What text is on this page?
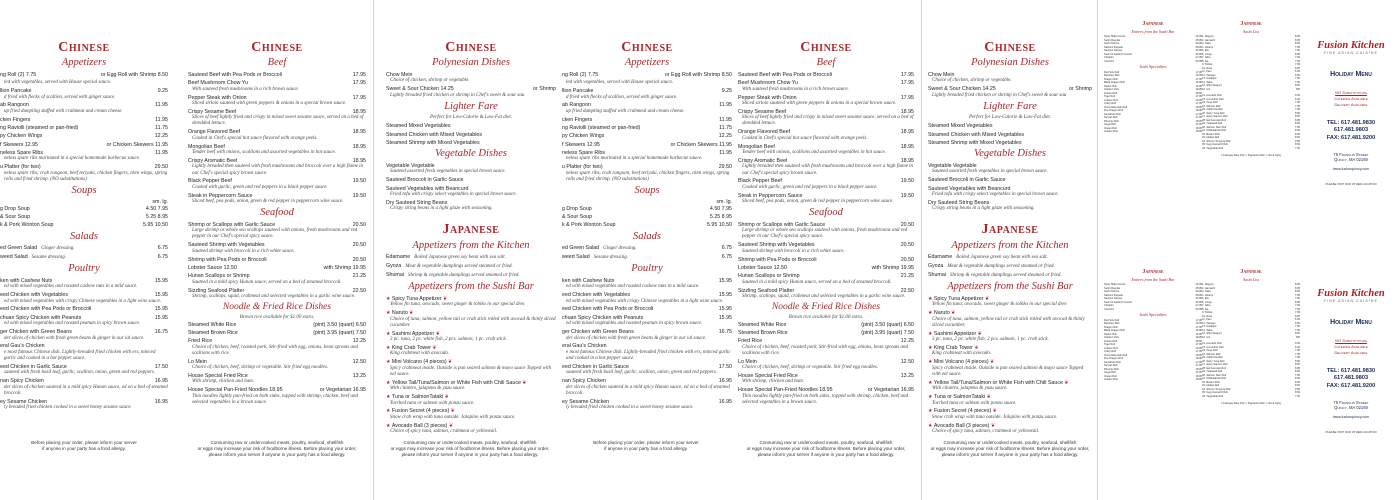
Chinese
Appetizers
ng Roll (2) 7.75	or Egg Roll with Shrimp 8.50
led with vegetables, served with House special sauce.
llion Pancake	9.25
d fried with flecks of scallion, served with ginger sauce.
ab Rangoon	11.95
up fried dumpling stuffed with crabmeat and cream cheese.
cken Fingers	11.95
ng Raviolli (steamed or pan-fried)	11.75
py Chicken Wings	12.25
f Skewers 12.95	or Chicken Skewers 11.95
neless Spare Ribs	11.95
neless spare ribs marinated in a special homemade barbecue sauce.
u Platter (for two)	29.50
neless spare ribs, crab rangoon, beef teriyaki, chicken fingers, cken wings, spring rolls and fried shrimp. (NO substitutions)
Soups
sm. lg.
g Drop Soup	4.50 7.95
& Sour Soup	5.25 8.95
k & Pork Wonton Soup	5.95 10.50
Salads
ed Green Salad Ginger dressing.	6.75
weed Salad Sesame dressing.	6.75
Poultry
ken with Cashew Nuts	15.95
ed with mixed vegetables and roasted cashew nuts in a mild sauce.
eed Chicken with Vegetables	15.95
ed with mixed vegetables with crispy Chinese vegetables in a light wine sauce.
eed Chicken with Pea Pods or Broccoli	15.95
chuan Spicy Chicken with Peanuts	15.95
ed with mixed vegetables and roasted peanuts in spicy brown sauce.
ger Chicken with Green Beans	16.75
der slices of chicken with fresh green beans & ginger in our ial sauce.
eral Gau's Chicken
e most famous Chinese dish. Lightly-breaded fried chicken with ers, minced garlic and cooked in a hot pepper sauce.
eed Chicken in Garlic Sauce	17.50
sauteed with fresh basil leaf, garlic, scallion, onion, green and red peppers.
nan Spicy Chicken	16.95
der slices of chicken sauteed in a mild spicy Hunan sauce, ed on a bed of steamed broccoli.
ey Sesame Chicken	16.95
ly breaded fried chicken cooked in a sweet honey sesame sauce.
Before placing your order, please inform your server
if anyone in your party has a food allergy.
Chinese
Beef
Sauteed Beef with Pea Pods or Broccoli	17.95
Beef Mushroom Chow Yu	17.95
With sauteed fresh mushrooms in a rich brown sauce.
Pepper Steak with Onion	17.95
Sliced sirloin sauteed with green peppers & onions in a special brown sauce.
Crispy Sesame Beef	18.95
Slices of beef lightly fried and crispy in mixed sweet sesame sauce, served on a bed of shredded lettuce.
Orange Flavored Beef	18.95
Cooked in Chef's special hot sauce flavored with orange peels.
Mongolian Beef	18.95
Tender beef with onions, scallions and assorted vegetables in hot sauce.
Crispy Aromatic Beef	18.95
Lightly breaded then sauteed with fresh mushrooms and broccoli over a high flame in our Chef's special spicy brown sauce.
Black Pepper Beef	19.50
Cooked with garlic, green and red peppers in a black pepper sauce.
Steak in Peppercorn Sauce	19.50
Sliced beef, pea pods, onion, green & red pepper in peppercorn wine sauce.
Seafood
Shrimp or Scallops with Garlic Sauce	20.50
Large shrimp or whole sea scallops sauteed with onions, fresh mushrooms and red pepper in our Chef's special spicy sauce.
Sauteed Shrimp with Vegetables	20.50
Sauteed shrimp with broccoli in a rich white sauce.
Shrimp with Pea Pods or Broccoli	20.50
Lobster Sauce 12.50	with Shrimp 19.95
Hunan Scallops or Shrimp	21.25
Sauteed in a mild spicy Hunan sauce, served on a bed of steamed broccoli.
Sizzling Seafood Platter	22.50
Shrimp, scallops, squid, crabmeat and selected vegetables in a garlic wine sauce.
Noodle & Fried Rice Dishes
Brown rice available for $1.00 extra.
Steamed White Rice	(pint) 3.50 (quart) 6.50
Steamed Brown Rice	(pint) 3.95 (quart) 7.50
Fried Rice	12.25
Choice of chicken, beef, roasted pork, Stir-fried with egg, onions, bean sprouts and scallions with rice.
Lo Mein	12.50
Choice of chicken, beef, shrimp or vegetable. Stir fried egg noodles.
House Special Fried Rice	13.25
With shrimp, chicken and ham.
House Special Pan-Fried Noodles 18.95	or Vegetarian 16.95
Thin noodles lightly pan-fried on both sides, topped with shrimp, chicken, beef and selected vegetables in a brown sauce.
Consuming raw or undercooked meats, poultry, seafood, shellfish
or eggs may increase your risk of foodborne illness. Before placing your order,
please inform your server if anyone in your party has a food allergy.
Chinese
Polynesian Dishes
Chow Mein
Choice of chicken, shrimp or vegetable.
Sweet & Sour Chicken 14.25	or Shrimp
Lightly breaded fried chicken or shrimp in Chef's sweet & sour sau
Lighter Fare
Perfect for Low-Calorie & Low-Fat diet.
Steamed Mixed Vegetables
Steamed Chicken with Mixed Vegetables
Steamed Shrimp with Mixed Vegetables
Vegetable Dishes
Vegetable Vegetable
Sauteed assorted fresh vegetables in special brown sauce.
Sauteed Broccoli in Garlic Sauce
Sauteed Vegetables with Beancurd
Fried tofu with crispy select vegetables in special brown sauce.
Dry Sauteed String Beans
Crispy string beans in a light glaze with seasoning.
Japanese
Appetizers from the Kitchen
Edamame Boiled Japanese green soy bean with sea salt.
Gyoza Meat & vegetable dumplings served steamed or fried.
Shumai Shrimp & vegetable dumplings served steamed or fried.
Appetizers from the Sushi Bar
★ Spicy Tuna Appetizer ❦
Yellow fin tuna, avocado, sweet ginger & tobiko in our special dres
★ Naruto ❦
Choice of tuna, salmon, yellow tail or crab stick rolled with avocad & thinly sliced cucumber.
★ Sashimi Appetizer ❦
3 pc. tuna, 2 pc. white fish, 2 pcs. salmon, 1 pc. crab stick.
★ King Crab Tower ❦
King crabmeat with avocado.
★ Mini Volcano (4 pieces) ❦
Spicy crabmeat inside. Outside is pan seared salmon & mayo sauce Topped with eel sauce.
★ Yellow Tail/Tuna/Salmon or White Fish with Chili Sauce ❦
With cilantro, jalapeno & yuzu sauce.
★ Tuna or SalmonTataki ❦
Torched tuna or salmon with ponzu sauce.
★ Fusion Secret (4 pieces) ❦
Snow crab wrap with tuna outside. Jalapino with ponzu sauce.
★ Avocado Ball (3 pieces) ❦
Choice of spicy tuna, salmon, crabmeat or yellowtail.
Consuming raw or undercooked meats, poultry, seafood, shellfish
or eggs may increase your risk of foodborne illness. Before placing your order,
please inform your server if anyone in your party has a food allergy.
Chinese
Appetizers
ng Roll (2) 7.75	or Egg Roll with Shrimp 8.50
led with vegetables, served with House special sauce.
llion Pancake	9.25
d fried with flecks of scallion, served with ginger sauce.
ab Rangoon	11.95
up fried dumpling stuffed with crabmeat and cream cheese.
cken Fingers	11.95
ng Raviolli (steamed or pan-fried)	11.75
py Chicken Wings	12.25
f Skewers 12.95	or Chicken Skewers 11.95
neless Spare Ribs	11.95
neless spare ribs marinated in a special homemade barbecue sauce.
u Platter (for two)	29.50
neless spare ribs, crab rangoon, beef teriyaki, chicken fingers, cken wings, spring rolls and fried shrimp. (NO substitutions)
Soups
sm. lg.
g Drop Soup	4.50 7.95
& Sour Soup	5.25 8.95
k & Pork Wonton Soup	5.95 10.50
Salads
ed Green Salad Ginger dressing.	6.75
weed Salad Sesame dressing.	6.75
Poultry
ken with Cashew Nuts	15.95
ed with mixed vegetables and roasted cashew nuts in a mild sauce.
eed Chicken with Vegetables	15.95
ed with mixed vegetables with crispy Chinese vegetables in a light wine sauce.
eed Chicken with Pea Pods or Broccoli	15.95
chuan Spicy Chicken with Peanuts	15.95
ed with mixed vegetables and roasted peanuts in spicy brown sauce.
ger Chicken with Green Beans	16.75
der slices of chicken with fresh green beans & ginger in our ial sauce.
eral Gau's Chicken
e most famous Chinese dish. Lightly-breaded fried chicken with ers, minced garlic and cooked in a hot pepper sauce.
eed Chicken in Garlic Sauce	17.50
sauteed with fresh basil leaf, garlic, scallion, onion, green and red peppers.
nan Spicy Chicken	16.95
der slices of chicken sauteed in a mild spicy Hunan sauce, ed on a bed of steamed broccoli.
ey Sesame Chicken	16.95
ly breaded fried chicken cooked in a sweet honey sesame sauce.
Before placing your order, please inform your server
if anyone in your party has a food allergy.
Chinese
Beef
Sauteed Beef with Pea Pods or Broccoli	17.95
Beef Mushroom Chow Yu	17.95
With sauteed fresh mushrooms in a rich brown sauce.
Pepper Steak with Onion	17.95
Sliced sirloin sauteed with green peppers & onions in a special brown sauce.
Crispy Sesame Beef	18.95
Slices of beef lightly fried and crispy in mixed sweet sesame sauce, served on a bed of shredded lettuce.
Orange Flavored Beef	18.95
Cooked in Chef's special hot sauce flavored with orange peels.
Mongolian Beef	18.95
Tender beef with onions, scallions and assorted vegetables in hot sauce.
Crispy Aromatic Beef	18.95
Lightly breaded then sauteed with fresh mushrooms and broccoli over a high flame in our Chef's special spicy brown sauce.
Black Pepper Beef	19.50
Cooked with garlic, green and red peppers in a black pepper sauce.
Steak in Peppercorn Sauce	19.50
Sliced beef, pea pods, onion, green & red pepper in peppercorn wine sauce.
Seafood
Shrimp or Scallops with Garlic Sauce	20.50
Large shrimp or whole sea scallops sauteed with onions, fresh mushrooms and red pepper in our Chef's special spicy sauce.
Sauteed Shrimp with Vegetables	20.50
Sauteed shrimp with broccoli in a rich white sauce.
Shrimp with Pea Pods or Broccoli	20.50
Lobster Sauce 12.50	with Shrimp 19.95
Hunan Scallops or Shrimp	21.25
Sauteed in a mild spicy Hunan sauce, served on a bed of steamed broccoli.
Sizzling Seafood Platter	22.50
Shrimp, scallops, squid, crabmeat and selected vegetables in a garlic wine sauce.
Noodle & Fried Rice Dishes
Brown rice available for $1.00 extra.
Steamed White Rice	(pint) 3.50 (quart) 6.50
Steamed Brown Rice	(pint) 3.95 (quart) 7.50
Fried Rice	12.25
Choice of chicken, beef, roasted pork, Stir-fried with egg, onions, bean sprouts and scallions with rice.
Lo Mein	12.50
Choice of chicken, beef, shrimp or vegetable. Stir fried egg noodles.
House Special Fried Rice	13.25
With shrimp, chicken and ham.
House Special Pan-Fried Noodles 18.95	or Vegetarian 16.95
Thin noodles lightly pan-fried on both sides, topped with shrimp, chicken, beef and selected vegetables in a brown sauce.
Consuming raw or undercooked meats, poultry, seafood, shellfish
or eggs may increase your risk of foodborne illness. Before placing your order,
please inform your server if anyone in your party has a food allergy.
Chinese
Polynesian Dishes
Chow Mein
Choice of chicken, shrimp or vegetable.
Sweet & Sour Chicken 14.25	or Shrimp
Lightly breaded fried chicken or shrimp in Chef's sweet & sour sau
Lighter Fare
Perfect for Low-Calorie & Low-Fat diet.
Steamed Mixed Vegetables
Steamed Chicken with Mixed Vegetables
Steamed Shrimp with Mixed Vegetables
Vegetable Dishes
Vegetable Vegetable
Sauteed assorted fresh vegetables in special brown sauce.
Sauteed Broccoli in Garlic Sauce
Sauteed Vegetables with Beancurd
Fried tofu with crispy select vegetables in special brown sauce.
Dry Sauteed String Beans
Crispy string beans in a light glaze with seasoning.
Japanese
Appetizers from the Kitchen
Edamame Boiled Japanese green soy bean with sea salt.
Gyoza Meat & vegetable dumplings served steamed or fried.
Shumai Shrimp & vegetable dumplings served steamed or fried.
Appetizers from the Sushi Bar
★ Spicy Tuna Appetizer ❦
Yellow fin tuna, avocado, sweet ginger & tobiko in our special dres
★ Naruto ❦
Choice of tuna, salmon, yellow tail or crab stick rolled with avocad & thinly sliced cucumber.
★ Sashimi Appetizer ❦
3 pc. tuna, 2 pc. white fish, 2 pcs. salmon, 1 pc. crab stick.
★ King Crab Tower ❦
King crabmeat with avocado.
★ Mini Volcano (4 pieces) ❦
Spicy crabmeat inside. Outside is pan seared salmon & mayo sauce Topped with eel sauce.
★ Yellow Tail/Tuna/Salmon or White Fish with Chili Sauce ❦
With cilantro, jalapeno & yuzu sauce.
★ Tuna or SalmonTataki ❦
Torched tuna or salmon with ponzu sauce.
★ Fusion Secret (4 pieces) ❦
Snow crab wrap with tuna outside. Jalapino with ponzu sauce.
★ Avocado Ball (3 pieces) ❦
Choice of spicy tuna, salmon, crabmeat or yellowtail.
Consuming raw or undercooked meats, poultry, seafood, shellfish
or eggs may increase your risk of foodborne illness. Before placing your order,
please inform your server if anyone in your party has a food allergy.
Japanese
Entrees from the Sushi Bar
Spicy Maki Combo	22.95
Sushi Regular	25.95
Sushi Deluxe	30.95
Sashimi Regular	28.95
Sashimi Deluxe	34.95
Sushi & Sashimi Combo	36.95
Chirashi	27.95
Una Don	26.95
Sushi Specialties
Red Sox Roll	17.95
Rainbow Roll	16.95
Dragon Roll	17.95
Black Dragon Roll	18.95
Spider Roll	16.95
Volcano Roll	18.95
Fusion Roll	18.95
Tiger Roll	17.95
Lobster Roll	19.95
Crazy Roll	17.95
Snow Mountain Roll	18.95
Fire Dragon Roll	18.95
Kamikaze Roll	17.95
Sunset Roll	17.95
Phoenix Roll	18.95
Angel Roll	17.95
Ocean Roll	18.95
Golden Roll	18.95
Japanese
Sushi List
1. Maguro	8.95
2. Hamachi	8.95
3. Sake	8.50
4. Hirame	7.95
5. Ebi	7.50
6. Unagi	8.95
7. Tako	7.95
8. Ika	7.50
9. Tobiko	7.95
10. Ikura	8.95
11. Kani	6.95
12. Tamago	6.50
13. Hokkigai	7.50
14. Saba	7.50
15. Shiro Maguro	8.50
16. Uni	MP
21. Avocado Roll	6.50
22. Cucumber Roll	6.25
23. Tuna Roll	7.95
24. Salmon Roll	7.95
25. California Roll	7.95
26. Spicy Tuna Roll	8.50
27. Spicy Salmon Roll	8.50
28. Eel Avocado Roll	8.95
29. Yellowtail Roll	8.50
30. Salmon Skin Roll	7.50
31. Philadelphia Roll	8.50
32. Boston Roll	8.25
33. Alaska Roll	8.50
34. Shrimp Tempura Roll	9.50
35. Negi Hamachi Roll	8.50
36. Vegetable Roll	7.50
= Indicates Raw Fish = Signature Dish = Hot & Spicy
Fusion Kitchen
FINE ASIAN CUISINE
Holiday Menu
NO Substitutions
Catering Available
Delivery Available
TEL: 617.481.9830
617.481.9803
FAX: 617.481.9200
75 Franklin Street
Quincy, MA 02169
www.fusionquincy.com
PLEASE VISIT OUR OTHER LOCATION
Japanese
Entrees from the Sushi Bar
Spicy Maki Combo	22.95
Sushi Regular	25.95
Sushi Deluxe	30.95
Sashimi Regular	28.95
Sashimi Deluxe	34.95
Sushi & Sashimi Combo	36.95
Chirashi	27.95
Una Don	26.95
Sushi Specialties
Red Sox Roll	17.95
Rainbow Roll	16.95
Dragon Roll	17.95
Black Dragon Roll	18.95
Spider Roll	16.95
Volcano Roll	18.95
Fusion Roll	18.95
Tiger Roll	17.95
Lobster Roll	19.95
Crazy Roll	17.95
Snow Mountain Roll	18.95
Fire Dragon Roll	18.95
Kamikaze Roll	17.95
Sunset Roll	17.95
Phoenix Roll	18.95
Angel Roll	17.95
Ocean Roll	18.95
Golden Roll	18.95
Japanese
Sushi List
1. Maguro	8.95
2. Hamachi	8.95
3. Sake	8.50
4. Hirame	7.95
5. Ebi	7.50
6. Unagi	8.95
7. Tako	7.95
8. Ika	7.50
9. Tobiko	7.95
10. Ikura	8.95
11. Kani	6.95
12. Tamago	6.50
13. Hokkigai	7.50
14. Saba	7.50
15. Shiro Maguro	8.50
16. Uni	MP
21. Avocado Roll	6.50
22. Cucumber Roll	6.25
23. Tuna Roll	7.95
24. Salmon Roll	7.95
25. California Roll	7.95
26. Spicy Tuna Roll	8.50
27. Spicy Salmon Roll	8.50
28. Eel Avocado Roll	8.95
29. Yellowtail Roll	8.50
30. Salmon Skin Roll	7.50
31. Philadelphia Roll	8.50
32. Boston Roll	8.25
33. Alaska Roll	8.50
34. Shrimp Tempura Roll	9.50
35. Negi Hamachi Roll	8.50
36. Vegetable Roll	7.50
= Indicates Raw Fish = Signature Dish = Hot & Spicy
Fusion Kitchen
FINE ASIAN CUISINE
Holiday Menu
NO Substitutions
Catering Available
Delivery Available
TEL: 617.481.9830
617.481.9803
FAX: 617.481.9200
75 Franklin Street
Quincy, MA 02169
www.fusionquincy.com
PLEASE VISIT OUR OTHER LOCATION
